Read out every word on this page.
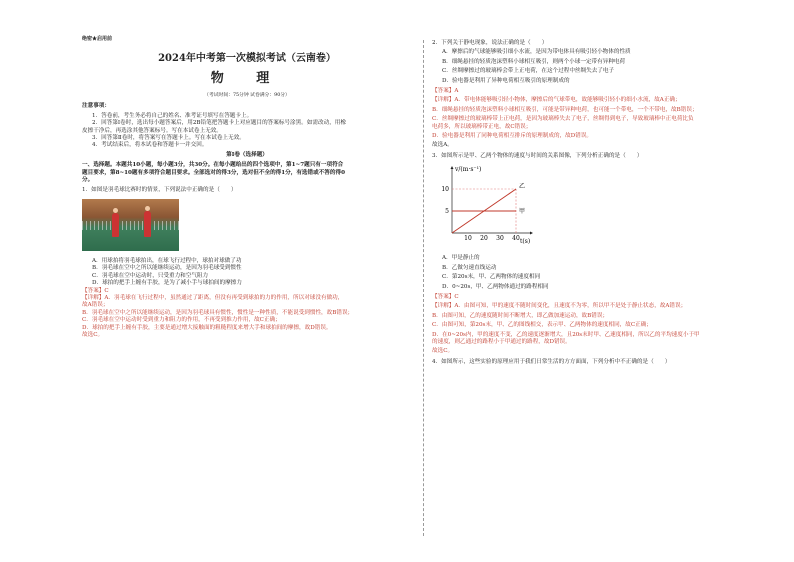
绝密★启用前
2024年中考第一次模拟考试（云南卷）
物 理
（考试时间：75分钟 试卷满分：90分）
注意事项：
1．答卷前，考生务必将自己的姓名、准考证号填写在答题卡上。
2．回答第Ⅰ卷时，选出每小题答案后，用2B铅笔把答题卡上对应题目的答案标号涂黑。如需改动，用橡
皮擦干净后，再选涂其他答案标号。写在本试卷上无效。
3．回答第Ⅱ卷时，将答案写在答题卡上。写在本试卷上无效。
4．考试结束后，将本试卷和答题卡一并交回。
第Ⅰ卷（选择题）
一、选择题。本题共10小题，每小题3分，共30分。在每小题给出的四个选项中，第1~7题只有一项符合
题目要求，第8~10题有多项符合题目要求。全部选对的得3分，选对但不全的得1分，有选错或不答的得0
分。
1．如图是羽毛球比赛时的情景，下列说法中正确的是（　　）
A．用球拍将羽毛球拍出，在球飞行过程中，球拍对球做了功
B．羽毛球在空中之所以能继续运动，是因为羽毛球受到惯性
C．羽毛球在空中运动时，只受重力和空气阻力
D．球拍的把手上缠有手胶，是为了减小手与球拍间的摩擦力
【答案】C
【详解】A．羽毛球在飞行过程中，虽然通过了距离，但没有再受到球拍的力的作用，所以对球没有做功，
故A错误；
B．羽毛球在空中之所以能继续运动，是因为羽毛球具有惯性，惯性是一种性质，不能说受到惯性，故B错误；
C．羽毛球在空中运动时受到重力和阻力的作用，不再受到推力作用，故C正确；
D．球拍的把手上缠有手胶，主要是通过增大接触面的粗糙程度来增大手和球拍间的摩擦，故D错误。
故选C。
2．下列关于静电现象，说法正确的是（　　）
A．摩擦后的气球能够吸引细小水流，是因为带电体具有吸引轻小物体的性质
B．细绳悬挂的轻质泡沫塑料小球相互吸引，则两个小球一定带有异种电荷
C．丝绸摩擦过的玻璃棒会带上正电荷，在这个过程中丝绸失去了电子
D．验电器是利用了异种电荷相互吸引的原理制成的
【答案】A
【详解】A．带电体能够吸引轻小物体，摩擦后的气球带电，故能够吸引轻小的细小水流，故A正确；
B．细绳悬挂的轻质泡沫塑料小球相互吸引，可能是带异种电荷，也可能一个带电，一个不带电，故B错误；
C．丝绸摩擦过的玻璃棒带上正电荷，是因为玻璃棒失去了电子，丝绸得到电子，导致玻璃棒中正电荷比负
电荷多，所以玻璃棒带正电，故C错误；
D．验电器是利用了同种电荷相互排斥的原理制成的，故D错误。
故选A。
3．如图所示是甲、乙两个物体的速度与时间的关系图像，下列分析正确的是（　　）
v/(m·s⁻¹)
t(s)
5
10
10 20 30 40
甲
乙
A．甲是静止的
B．乙做匀速直线运动
C．第20s末，甲、乙两物体的速度相同
D．0~20s，甲、乙两物体通过的路程相同
【答案】C
【详解】A．由图可知，甲的速度不随时间变化，且速度不为零，所以甲不是处于静止状态，故A错误；
B．由图可知，乙的速度随时间不断增大，即乙做加速运动，故B错误；
C．由图可知，第20s末，甲、乙的图线相交，表示甲、乙两物体的速度相同，故C正确；
D．在0~20s内，甲的速度不变，乙的速度逐渐增大，且20s末时甲、乙速度相同，所以乙的平均速度小于甲
的速度，则乙通过的路程小于甲通过的路程，故D错误。
故选C。
4．如图所示，这些实验的原理应用于我们日常生活的方方面面，下列分析中不正确的是（　　）
